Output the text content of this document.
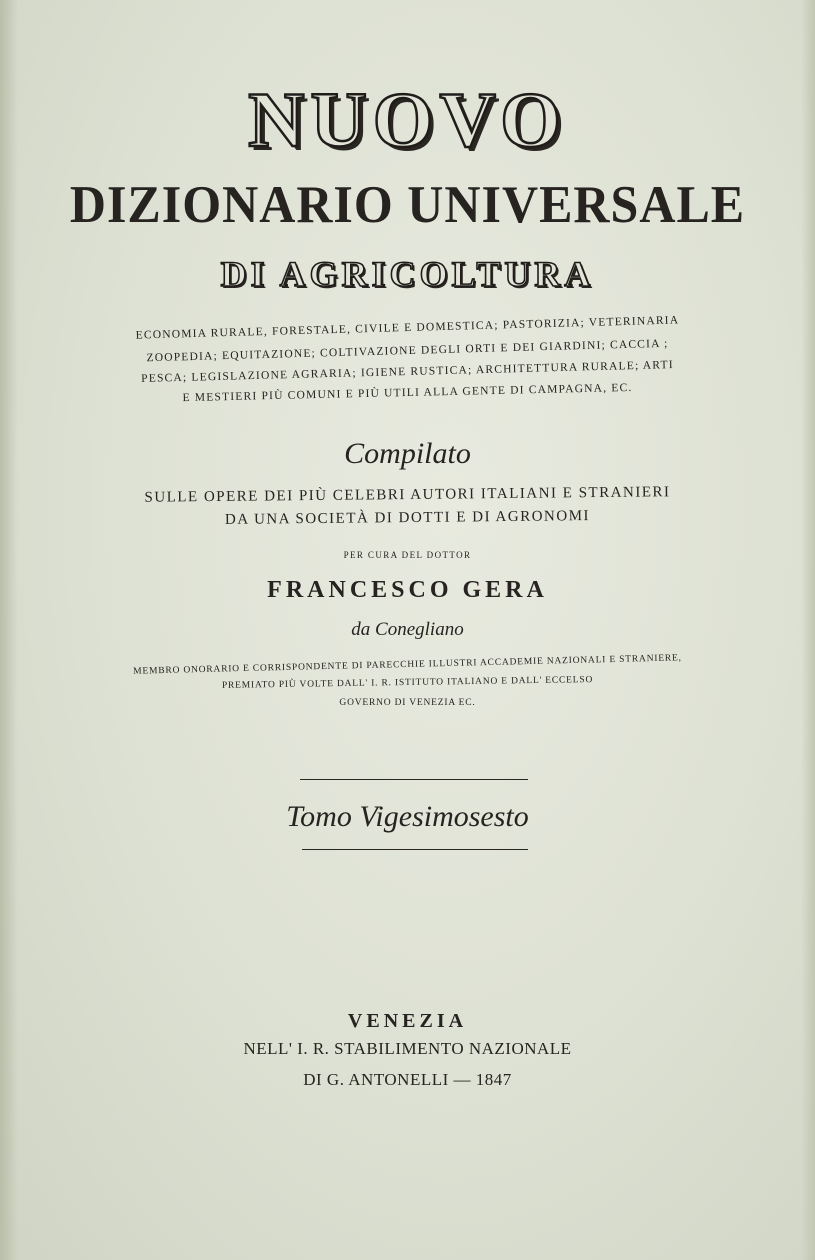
NUOVO
DIZIONARIO UNIVERSALE
DI AGRICOLTURA
ECONOMIA RURALE, FORESTALE, CIVILE E DOMESTICA; PASTORIZIA; VETERINARIA
ZOOPEDIA; EQUITAZIONE; COLTIVAZIONE DEGLI ORTI E DEI GIARDINI; CACCIA ;
PESCA; LEGISLAZIONE AGRARIA; IGIENE RUSTICA; ARCHITETTURA RURALE; ARTI
E MESTIERI PIÙ COMUNI E PIÙ UTILI ALLA GENTE DI CAMPAGNA, EC.
Compilato
SULLE OPERE DEI PIÙ CELEBRI AUTORI ITALIANI E STRANIERI
DA UNA SOCIETÀ DI DOTTI E DI AGRONOMI
PER CURA DEL DOTTOR
FRANCESCO GERA
da Conegliano
MEMBRO ONORARIO E CORRISPONDENTE DI PARECCHIE ILLUSTRI ACCADEMIE NAZIONALI E STRANIERE,
PREMIATO PIÙ VOLTE DALL' I. R. ISTITUTO ITALIANO E DALL' ECCELSO
GOVERNO DI VENEZIA EC.
Tomo Vigesimosesto
VENEZIA
NELL' I. R. STABILIMENTO NAZIONALE
DI G. ANTONELLI — 1847
